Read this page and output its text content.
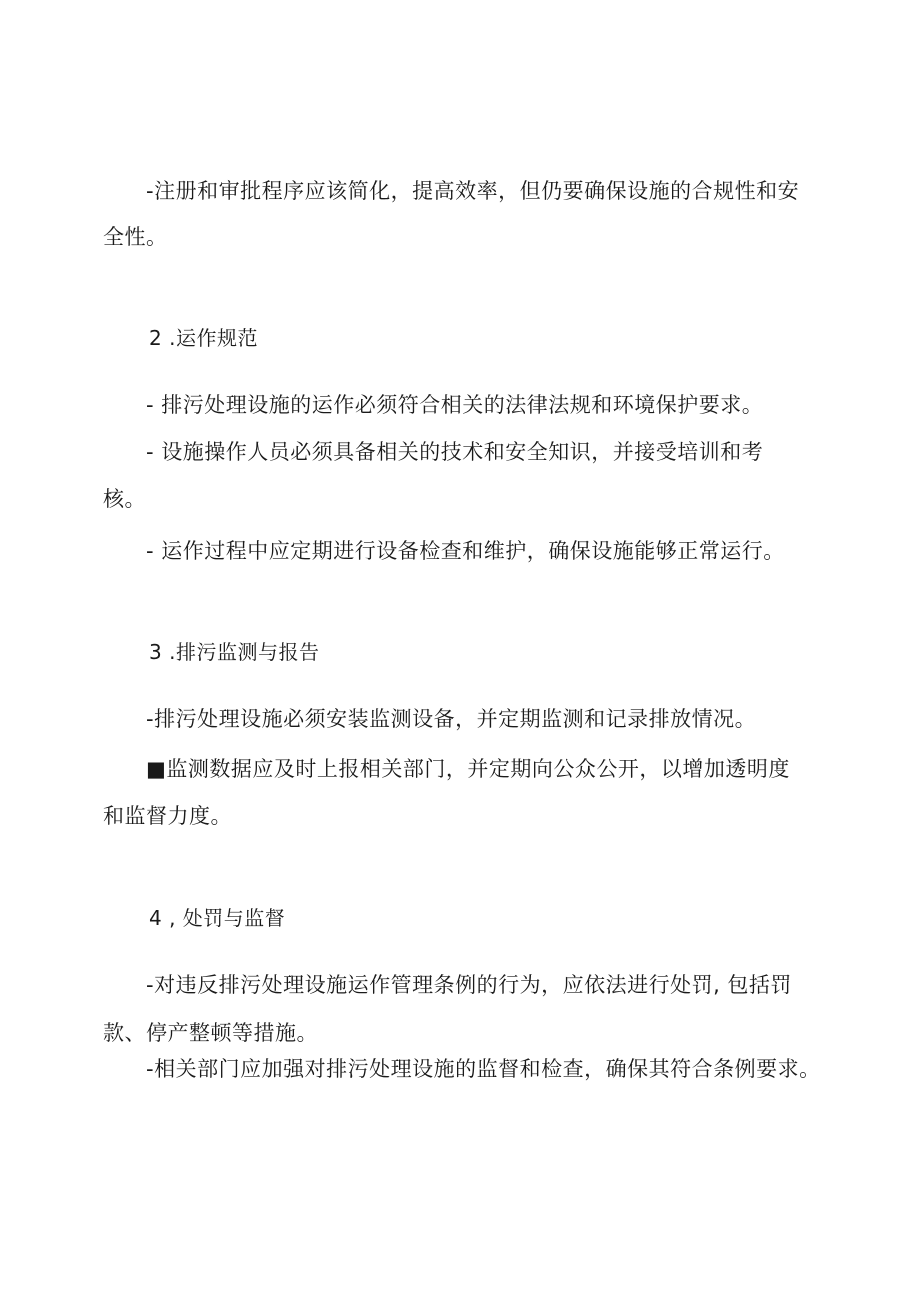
-注册和审批程序应该简化，提高效率，但仍要确保设施的合规性和安
全性。
2 .运作规范
- 排污处理设施的运作必须符合相关的法律法规和环境保护要求。
- 设施操作人员必须具备相关的技术和安全知识，并接受培训和考
核。
- 运作过程中应定期进行设备检查和维护，确保设施能够正常运行。
3 .排污监测与报告
-排污处理设施必须安装监测设备，并定期监测和记录排放情况。
■监测数据应及时上报相关部门，并定期向公众公开，以增加透明度
和监督力度。
4 , 处罚与监督
-对违反排污处理设施运作管理条例的行为，应依法进行处罚, 包括罚
款、停产整顿等措施。
-相关部门应加强对排污处理设施的监督和检查，确保其符合条例要求。
